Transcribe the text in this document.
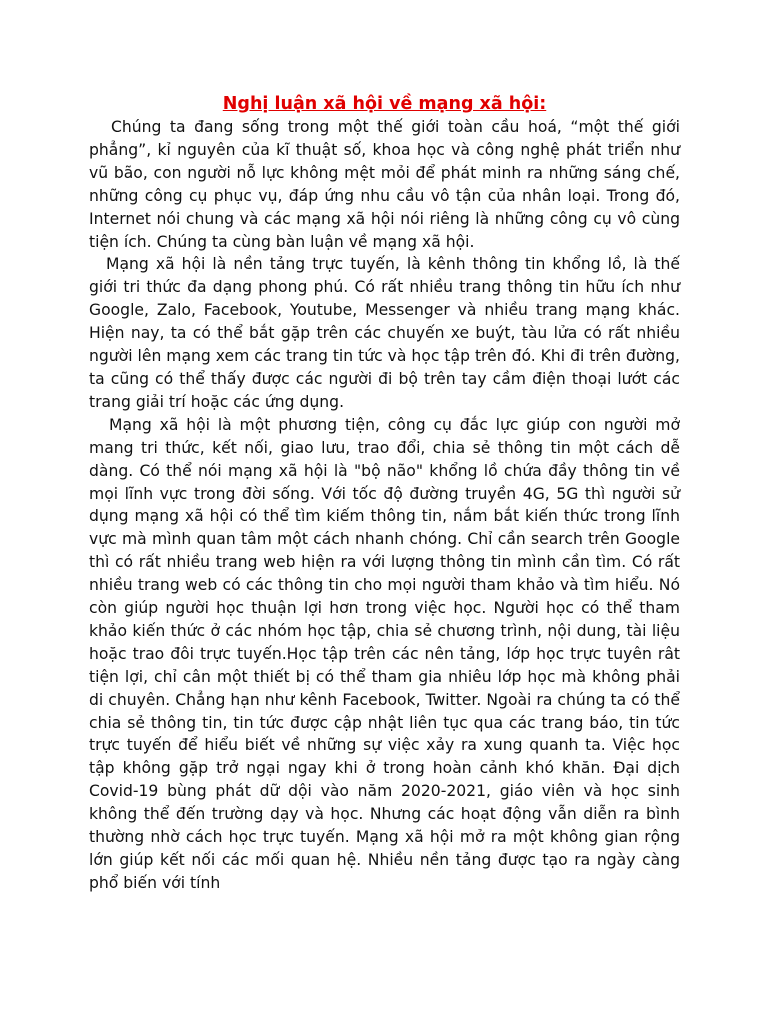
Nghị luận xã hội về mạng xã hội:

Chúng ta đang sống trong một thế giới toàn cầu hoá, “một thế giới phẳng”, kỉ nguyên của kĩ thuật số, khoa học và công nghệ phát triển như vũ bão, con người nỗ lực không mệt mỏi để phát minh ra những sáng chế, những công cụ phục vụ, đáp ứng nhu cầu vô tận của nhân loại. Trong đó, Internet nói chung và các mạng xã hội nói riêng là những công cụ vô cùng tiện ích. Chúng ta cùng bàn luận về mạng xã hội.

Mạng xã hội là nền tảng trực tuyến, là kênh thông tin khổng lồ, là thế giới tri thức đa dạng phong phú. Có rất nhiều trang thông tin hữu ích như Google, Zalo, Facebook, Youtube, Messenger và nhiều trang mạng khác. Hiện nay, ta có thể bắt gặp trên các chuyến xe buýt, tàu lửa có rất nhiều người lên mạng xem các trang tin tức và học tập trên đó. Khi đi trên đường, ta cũng có thể thấy được các người đi bộ trên tay cầm điện thoại lướt các trang giải trí hoặc các ứng dụng.

Mạng xã hội là một phương tiện, công cụ đắc lực giúp con người mở mang tri thức, kết nối, giao lưu, trao đổi, chia sẻ thông tin một cách dễ dàng. Có thể nói mạng xã hội là "bộ não" khổng lồ chứa đầy thông tin về mọi lĩnh vực trong đời sống. Với tốc độ đường truyền 4G, 5G thì người sử dụng mạng xã hội có thể tìm kiếm thông tin, nắm bắt kiến thức trong lĩnh vực mà mình quan tâm một cách nhanh chóng. Chỉ cần search trên Google thì có rất nhiều trang web hiện ra với lượng thông tin mình cần tìm. Có rất nhiều trang web có các thông tin cho mọi người tham khảo và tìm hiểu. Nó còn giúp người học thuận lợi hơn trong việc học. Người học có thể tham khảo kiến thức ở các nhóm học tập, chia sẻ chương trình, nội dung, tài liệu hoặc trao đôi trực tuyến.Học tập trên các nên tảng, lớp học trực tuyên rât tiện lợi, chỉ cân một thiết bị có thể tham gia nhiêu lớp học mà không phải di chuyên. Chẳng hạn như kênh Facebook, Twitter. Ngoài ra chúng ta có thể chia sẻ thông tin, tin tức được cập nhật liên tục qua các trang báo, tin tức trực tuyến để hiểu biết về những sự việc xảy ra xung quanh ta. Việc học tập không gặp trở ngại ngay khi ở trong hoàn cảnh khó khăn. Đại dịch Covid-19 bùng phát dữ dội vào năm 2020-2021, giáo viên và học sinh không thể đến trường dạy và học. Nhưng các hoạt động vẫn diễn ra bình thường nhờ cách học trực tuyến. Mạng xã hội mở ra một không gian rộng lớn giúp kết nối các mối quan hệ. Nhiều nền tảng được tạo ra ngày càng phổ biến với tính
